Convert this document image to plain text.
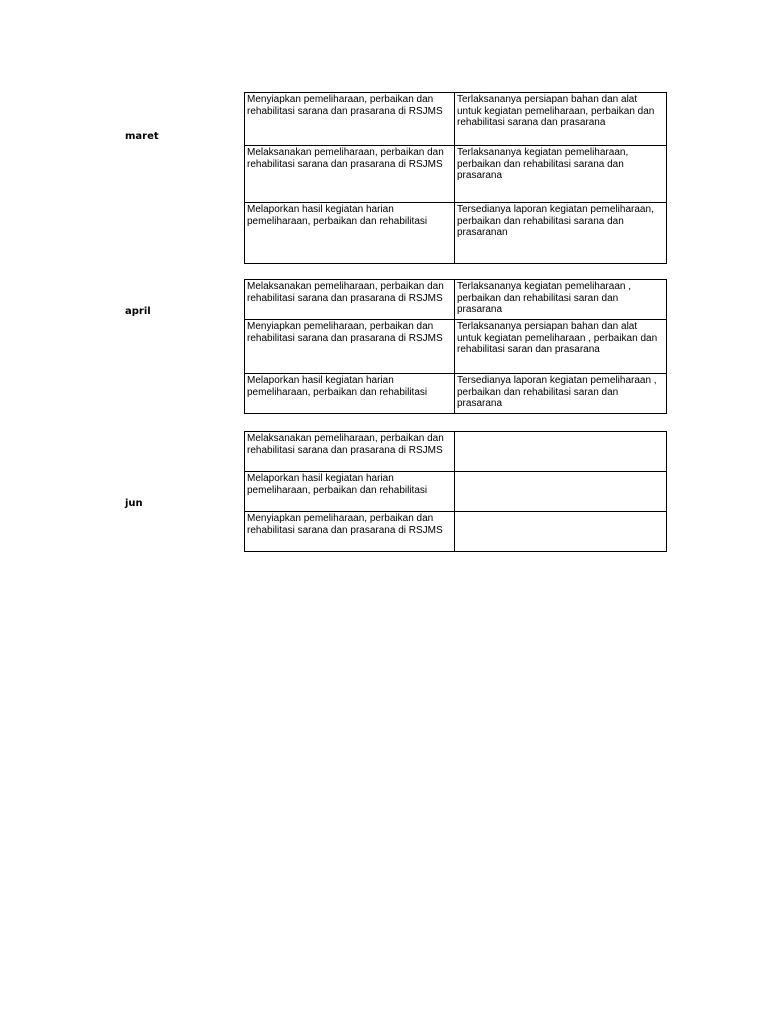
maret
april
jun
Menyiapkan pemeliharaan, perbaikan dan rehabilitasi sarana dan prasarana di RSJMS	Terlaksananya persiapan bahan dan alat untuk kegiatan pemeliharaan, perbaikan dan rehabilitasi sarana dan prasarana
Melaksanakan pemeliharaan, perbaikan dan rehabilitasi sarana dan prasarana di RSJMS	Terlaksananya kegiatan pemeliharaan, perbaikan dan rehabilitasi sarana dan prasarana
Melaporkan hasil kegiatan harian pemeliharaan, perbaikan dan rehabilitasi	Tersedianya laporan kegiatan pemeliharaan, perbaikan dan rehabilitasi sarana dan prasaranan
Melaksanakan pemeliharaan, perbaikan dan rehabilitasi sarana dan prasarana di RSJMS	Terlaksananya kegiatan pemeliharaan , perbaikan dan rehabilitasi saran dan prasarana
Menyiapkan pemeliharaan, perbaikan dan rehabilitasi sarana dan prasarana di RSJMS	Terlaksananya persiapan bahan dan alat untuk kegiatan pemeliharaan , perbaikan dan rehabilitasi saran dan prasarana
Melaporkan hasil kegiatan harian pemeliharaan, perbaikan dan rehabilitasi	Tersedianya laporan kegiatan pemeliharaan , perbaikan dan rehabilitasi saran dan prasarana
Melaksanakan pemeliharaan, perbaikan dan rehabilitasi sarana dan prasarana di RSJMS	
Melaporkan hasil kegiatan harian pemeliharaan, perbaikan dan rehabilitasi	
Menyiapkan pemeliharaan, perbaikan dan rehabilitasi sarana dan prasarana di RSJMS	
